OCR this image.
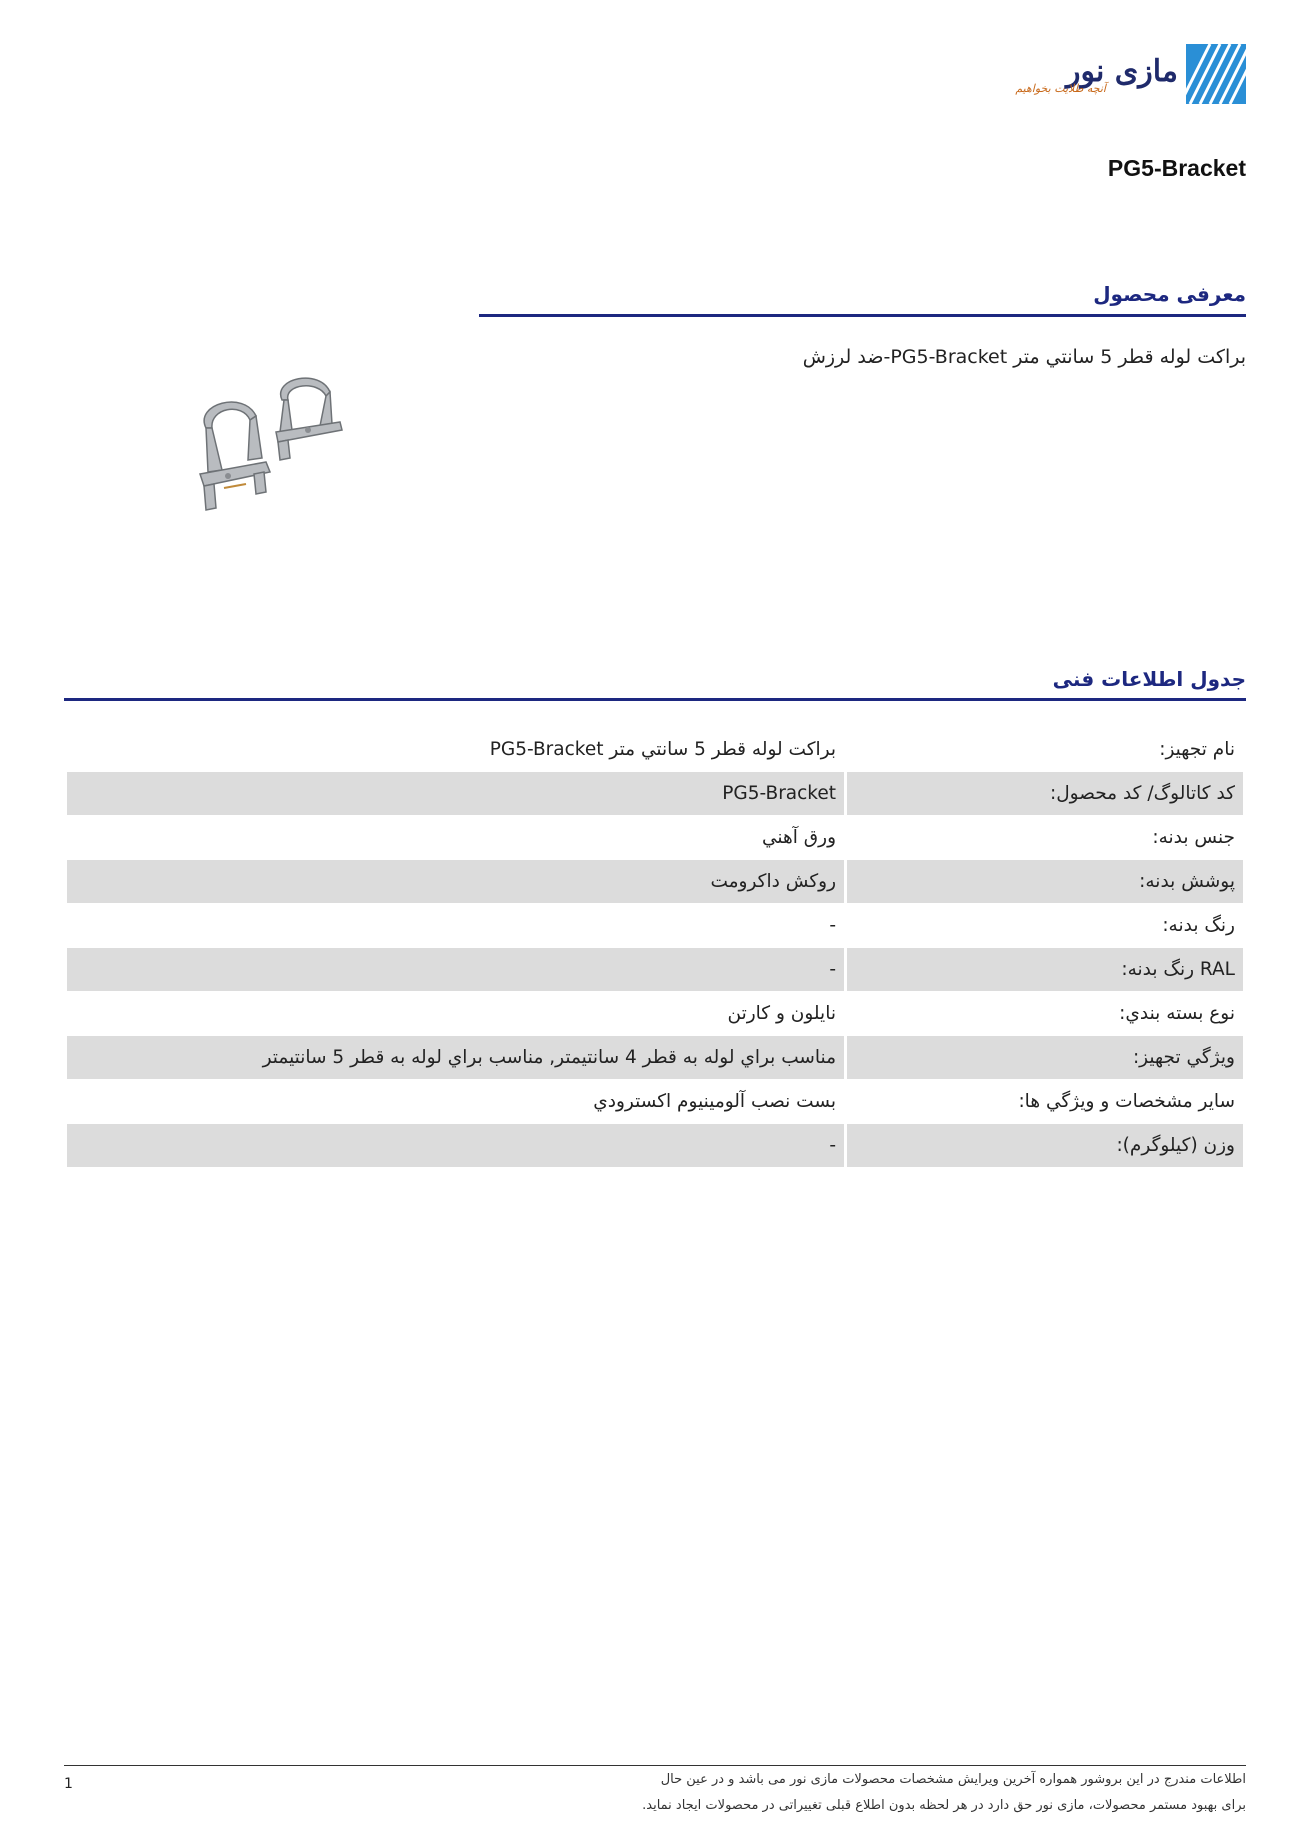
مازی نور
آنچه طلایت بخواهیم
PG5-Bracket
معرفی محصول
براكت لوله قطر 5 سانتي متر PG5-Bracket-ضد لرزش
جدول اطلاعات فنی
نام تجهيز:	براكت لوله قطر 5 سانتي متر PG5-Bracket
کد کاتالوگ/ کد محصول:	PG5-Bracket
جنس بدنه:	ورق آهني
پوشش بدنه:	روكش داكرومت
رنگ بدنه:	-
RAL رنگ بدنه:	-
نوع بسته بندي:	نايلون و كارتن
ويژگي تجهيز:	مناسب براي لوله به قطر 4 سانتيمتر, مناسب براي لوله به قطر 5 سانتيمتر
ساير مشخصات و ويژگي ها:	بست نصب آلومينيوم اكسترودي
وزن (کیلوگرم):	-
اطلاعات مندرج در این بروشور همواره آخرین ویرایش مشخصات محصولات مازی نور می باشد و در عین حال
برای بهبود مستمر محصولات، مازی نور حق دارد در هر لحظه بدون اطلاع قبلی تغییراتی در محصولات ایجاد نماید.
1
